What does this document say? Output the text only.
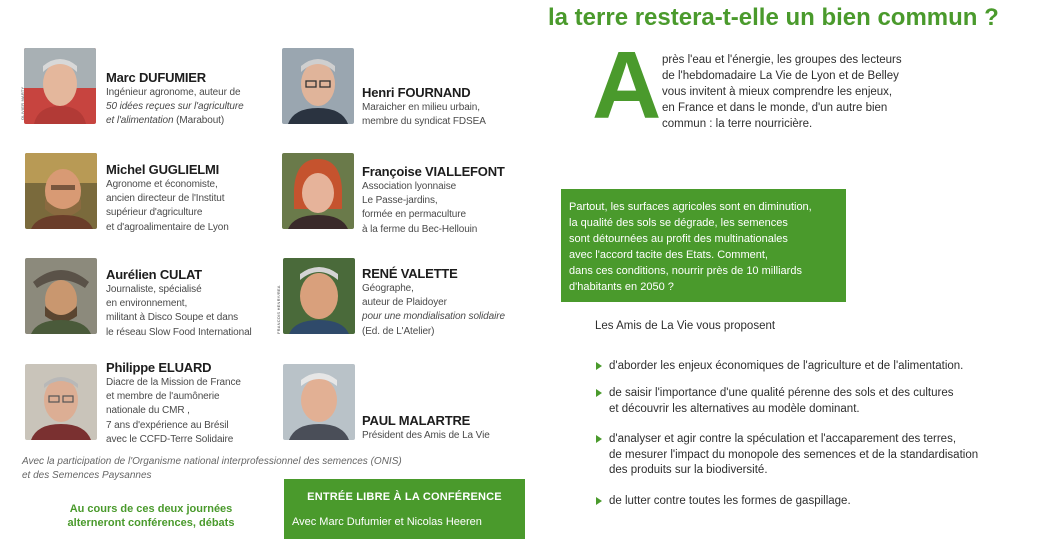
la terre restera-t-elle un bien commun ?
OLIVIER MARTY
Marc DUFUMIER
Ingénieur agronome, auteur de
50 idées reçues sur l'agriculture
et l'alimentation (Marabout)
Michel GUGLIELMI
Agronome et économiste,
ancien directeur de l'Institut
supérieur d'agriculture
et d'agroalimentaire de Lyon
Aurélien CULAT
Journaliste, spécialisé
en environnement,
militant à Disco Soupe et dans
le réseau Slow Food International
Philippe ELUARD
Diacre de la Mission de France
et membre de l'aumônerie
nationale du CMR ,
7 ans d'expérience au Brésil
avec le CCFD-Terre Solidaire
Henri FOURNAND
Maraicher en milieu urbain,
membre du syndicat FDSEA
Françoise VIALLEFONT
Association lyonnaise
Le Passe-jardins,
formée en permaculture
à la ferme du Bec-Hellouin
FRANCOIS HENRY/REA
RENÉ VALETTE
Géographe,
auteur de Plaidoyer
pour une mondialisation solidaire
(Ed. de L'Atelier)
PAUL MALARTRE
Président des Amis de La Vie
Avec la participation de l'Organisme national interprofessionnel des semences (ONIS)
et des Semences Paysannes
Au cours de ces deux journées
alterneront conférences, débats
ENTRÉE LIBRE À LA CONFÉRENCE
Avec Marc Dufumier et Nicolas Heeren
A près l'eau et l'énergie, les groupes des lecteurs
de l'hebdomadaire La Vie de Lyon et de Belley
vous invitent à mieux comprendre les enjeux,
en France et dans le monde, d'un autre bien
commun : la terre nourricière.
Partout, les surfaces agricoles sont en diminution,
la qualité des sols se dégrade, les semences
sont détournées au profit des multinationales
avec l'accord tacite des Etats. Comment,
dans ces conditions, nourrir près de 10 milliards
d'habitants en 2050 ?
Les Amis de La Vie vous proposent
d'aborder les enjeux économiques de l'agriculture et de l'alimentation.
de saisir l'importance d'une qualité pérenne des sols et des cultures
et découvrir les alternatives au modèle dominant.
d'analyser et agir contre la spéculation et l'accaparement des terres,
de mesurer l'impact du monopole des semences et de la standardisation
des produits sur la biodiversité.
de lutter contre toutes les formes de gaspillage.
